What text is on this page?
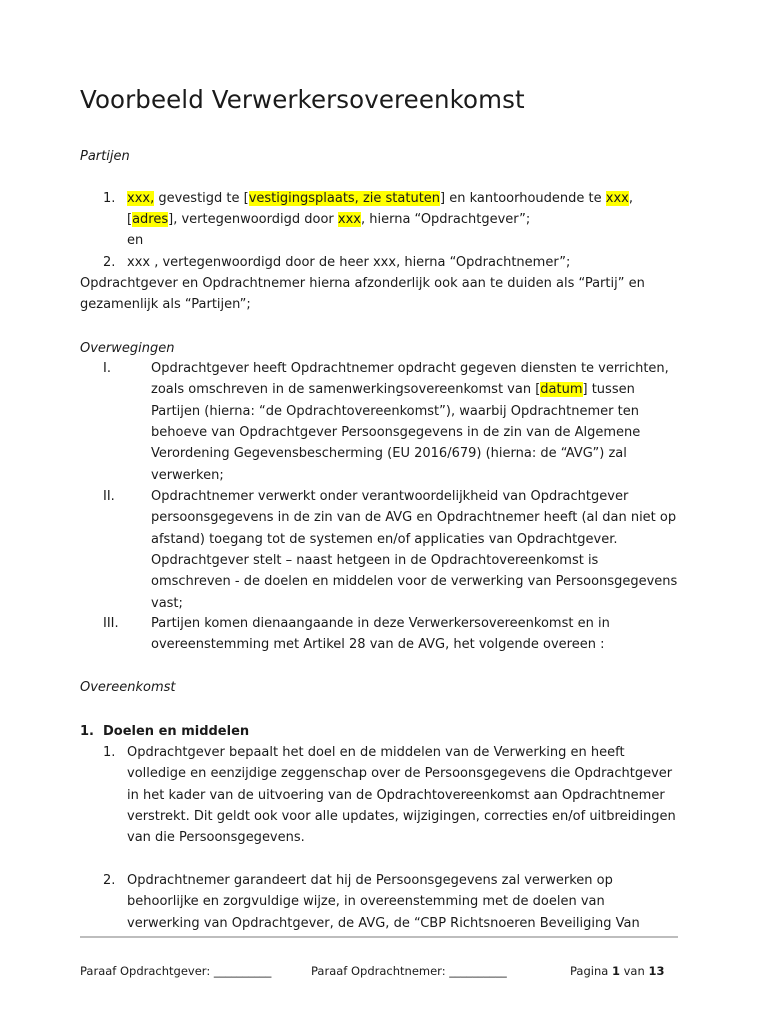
Voorbeeld Verwerkersovereenkomst
Partijen
1. xxx, gevestigd te [vestigingsplaats, zie statuten] en kantoorhoudende te xxx,
[adres], vertegenwoordigd door xxx, hierna “Opdrachtgever”;
en
2. xxx , vertegenwoordigd door de heer xxx, hierna “Opdrachtnemer”;
Opdrachtgever en Opdrachtnemer hierna afzonderlijk ook aan te duiden als “Partij” en
gezamenlijk als “Partijen”;
Overwegingen
I.	Opdrachtgever heeft Opdrachtnemer opdracht gegeven diensten te verrichten,
zoals omschreven in de samenwerkingsovereenkomst van [datum] tussen
Partijen (hierna: “de Opdrachtovereenkomst”), waarbij Opdrachtnemer ten
behoeve van Opdrachtgever Persoonsgegevens in de zin van de Algemene
Verordening Gegevensbescherming (EU 2016/679) (hierna: de “AVG”) zal
verwerken;
II.	Opdrachtnemer verwerkt onder verantwoordelijkheid van Opdrachtgever
persoonsgegevens in de zin van de AVG en Opdrachtnemer heeft (al dan niet op
afstand) toegang tot de systemen en/of applicaties van Opdrachtgever.
Opdrachtgever stelt – naast hetgeen in de Opdrachtovereenkomst is
omschreven - de doelen en middelen voor de verwerking van Persoonsgegevens
vast;
III. Partijen komen dienaangaande in deze Verwerkersovereenkomst en in
overeenstemming met Artikel 28 van de AVG, het volgende overeen :
Overeenkomst
1. Doelen en middelen
1. Opdrachtgever bepaalt het doel en de middelen van de Verwerking en heeft
volledige en eenzijdige zeggenschap over de Persoonsgegevens die Opdrachtgever
in het kader van de uitvoering van de Opdrachtovereenkomst aan Opdrachtnemer
verstrekt. Dit geldt ook voor alle updates, wijzigingen, correcties en/of uitbreidingen
van die Persoonsgegevens.
2. Opdrachtnemer garandeert dat hij de Persoonsgegevens zal verwerken op
behoorlijke en zorgvuldige wijze, in overeenstemming met de doelen van
verwerking van Opdrachtgever, de AVG, de “CBP Richtsnoeren Beveiliging Van
Paraaf Opdrachtgever: __________	Paraaf Opdrachtnemer: __________	Pagina 1 van 13
